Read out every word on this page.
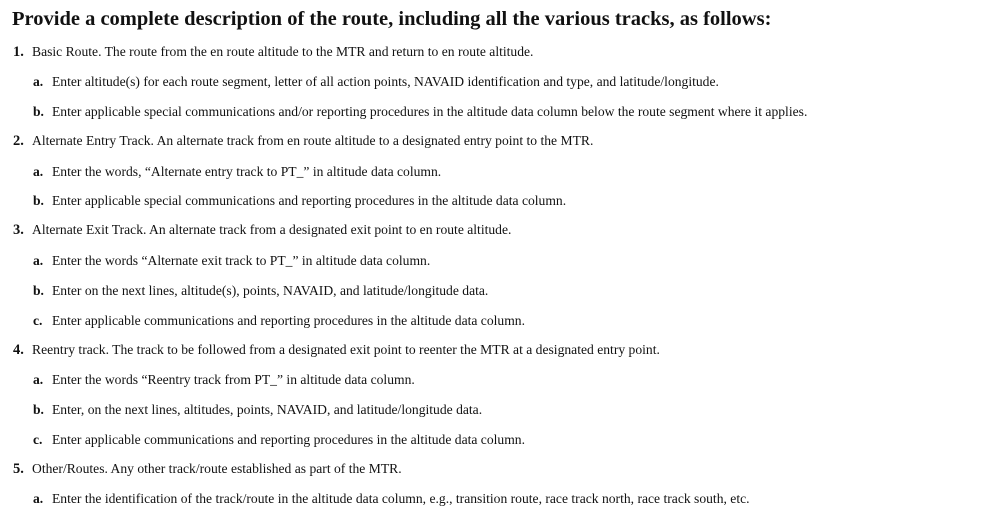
Provide a complete description of the route, including all the various tracks, as follows:
1. Basic Route. The route from the en route altitude to the MTR and return to en route altitude.
a. Enter altitude(s) for each route segment, letter of all action points, NAVAID identification and type, and latitude/longitude.
b. Enter applicable special communications and/or reporting procedures in the altitude data column below the route segment where it applies.
2. Alternate Entry Track. An alternate track from en route altitude to a designated entry point to the MTR.
a. Enter the words, “Alternate entry track to PT_” in altitude data column.
b. Enter applicable special communications and reporting procedures in the altitude data column.
3. Alternate Exit Track. An alternate track from a designated exit point to en route altitude.
a. Enter the words “Alternate exit track to PT_” in altitude data column.
b. Enter on the next lines, altitude(s), points, NAVAID, and latitude/longitude data.
c. Enter applicable communications and reporting procedures in the altitude data column.
4. Reentry track. The track to be followed from a designated exit point to reenter the MTR at a designated entry point.
a. Enter the words “Reentry track from PT_” in altitude data column.
b. Enter, on the next lines, altitudes, points, NAVAID, and latitude/longitude data.
c. Enter applicable communications and reporting procedures in the altitude data column.
5. Other/Routes. Any other track/route established as part of the MTR.
a. Enter the identification of the track/route in the altitude data column, e.g., transition route, race track north, race track south, etc.
